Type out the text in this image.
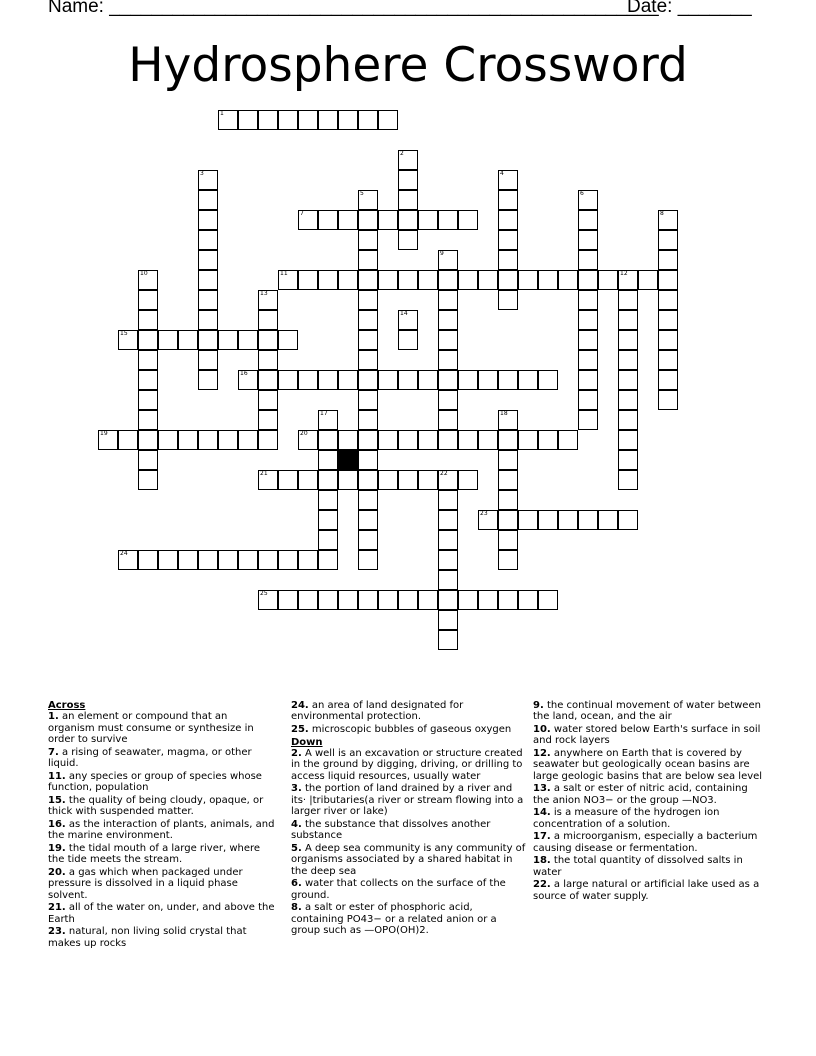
Name: ____________________________________________________
Date: _______
Hydrosphere Crossword
1
2
3	4
5	6
7	8
9
10	11	12
13
14
15
16
17	18
19	20
21	22
23
24
25
Across
1. an element or compound that an organism must consume or synthesize in order to survive
7. a rising of seawater, magma, or other liquid.
11. any species or group of species whose function, population
15. the quality of being cloudy, opaque, or thick with suspended matter.
16. as the interaction of plants, animals, and the marine environment.
19. the tidal mouth of a large river, where the tide meets the stream.
20. a gas which when packaged under pressure is dissolved in a liquid phase solvent.
21. all of the water on, under, and above the Earth
23. natural, non living solid crystal that makes up rocks
24. an area of land designated for environmental protection.
25. microscopic bubbles of gaseous oxygen
Down
2. A well is an excavation or structure created in the ground by digging, driving, or drilling to access liquid resources, usually water
3. the portion of land drained by a river and its· |tributaries(a river or stream flowing into a larger river or lake)
4. the substance that dissolves another substance
5. A deep sea community is any community of organisms associated by a shared habitat in the deep sea
6. water that collects on the surface of the ground.
8. a salt or ester of phosphoric acid, containing PO43− or a related anion or a group such as —OPO(OH)2.
9. the continual movement of water between the land, ocean, and the air
10. water stored below Earth's surface in soil and rock layers
12. anywhere on Earth that is covered by seawater but geologically ocean basins are large geologic basins that are below sea level
13. a salt or ester of nitric acid, containing the anion NO3− or the group —NO3.
14. is a measure of the hydrogen ion concentration of a solution.
17. a microorganism, especially a bacterium causing disease or fermentation.
18. the total quantity of dissolved salts in water
22. a large natural or artificial lake used as a source of water supply.
